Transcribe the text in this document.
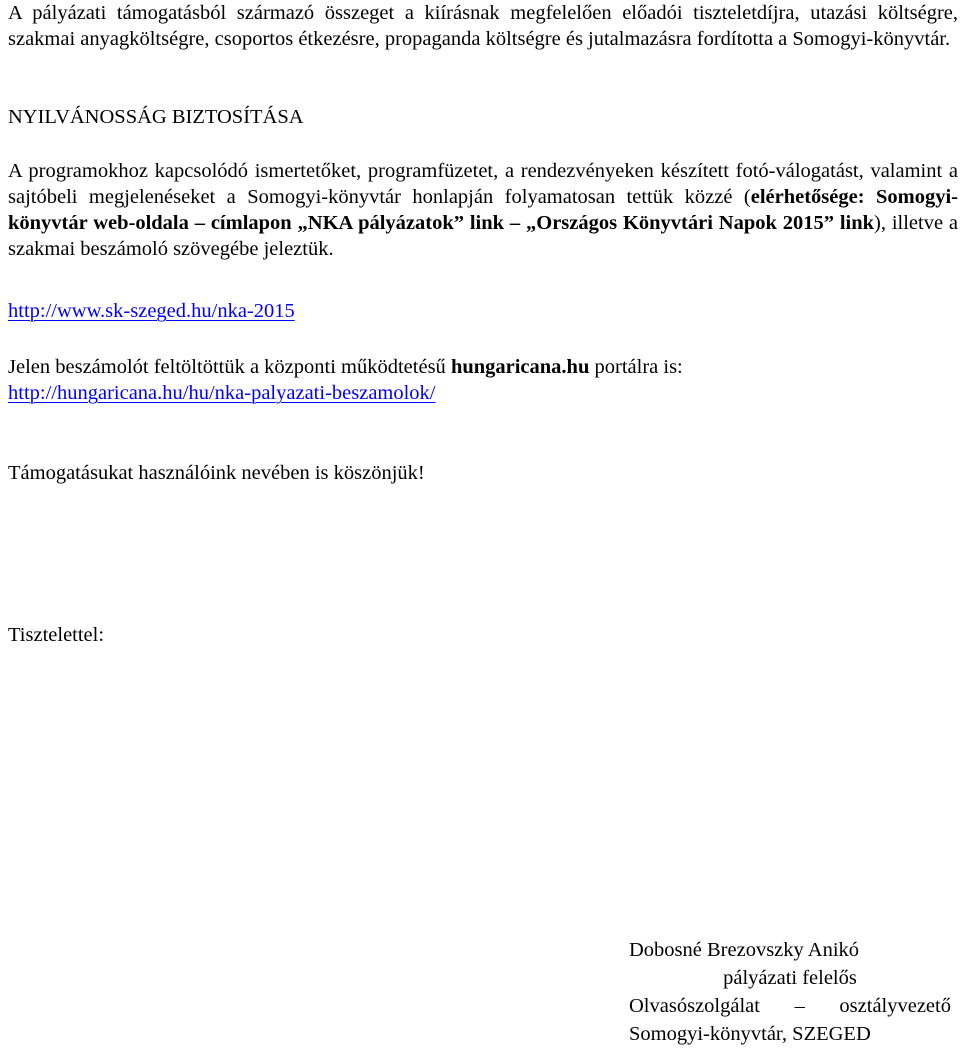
A pályázati támogatásból származó összeget a kiírásnak megfelelően előadói tiszteletdíjra, utazási költségre, szakmai anyagköltségre, csoportos étkezésre, propaganda költségre és jutalmazásra fordította a Somogyi-könyvtár.

NYILVÁNOSSÁG BIZTOSÍTÁSA

A programokhoz kapcsolódó ismertetőket, programfüzetet, a rendezvényeken készített fotó-válogatást, valamint a sajtóbeli megjelenéseket a Somogyi-könyvtár honlapján folyamatosan tettük közzé (elérhetősége: Somogyi-könyvtár web-oldala – címlapon „NKA pályázatok” link – „Országos Könyvtári Napok 2015” link), illetve a szakmai beszámoló szövegébe jeleztük.

http://www.sk-szeged.hu/nka-2015

Jelen beszámolót feltöltöttük a központi működtetésű hungaricana.hu portálra is:
http://hungaricana.hu/hu/nka-palyazati-beszamolok/

Támogatásukat használóink nevében is köszönjük!

Tisztelettel:

Dobosné Brezovszky Anikó
pályázati felelős
Olvasószolgálat – osztályvezető
Somogyi-könyvtár, SZEGED
